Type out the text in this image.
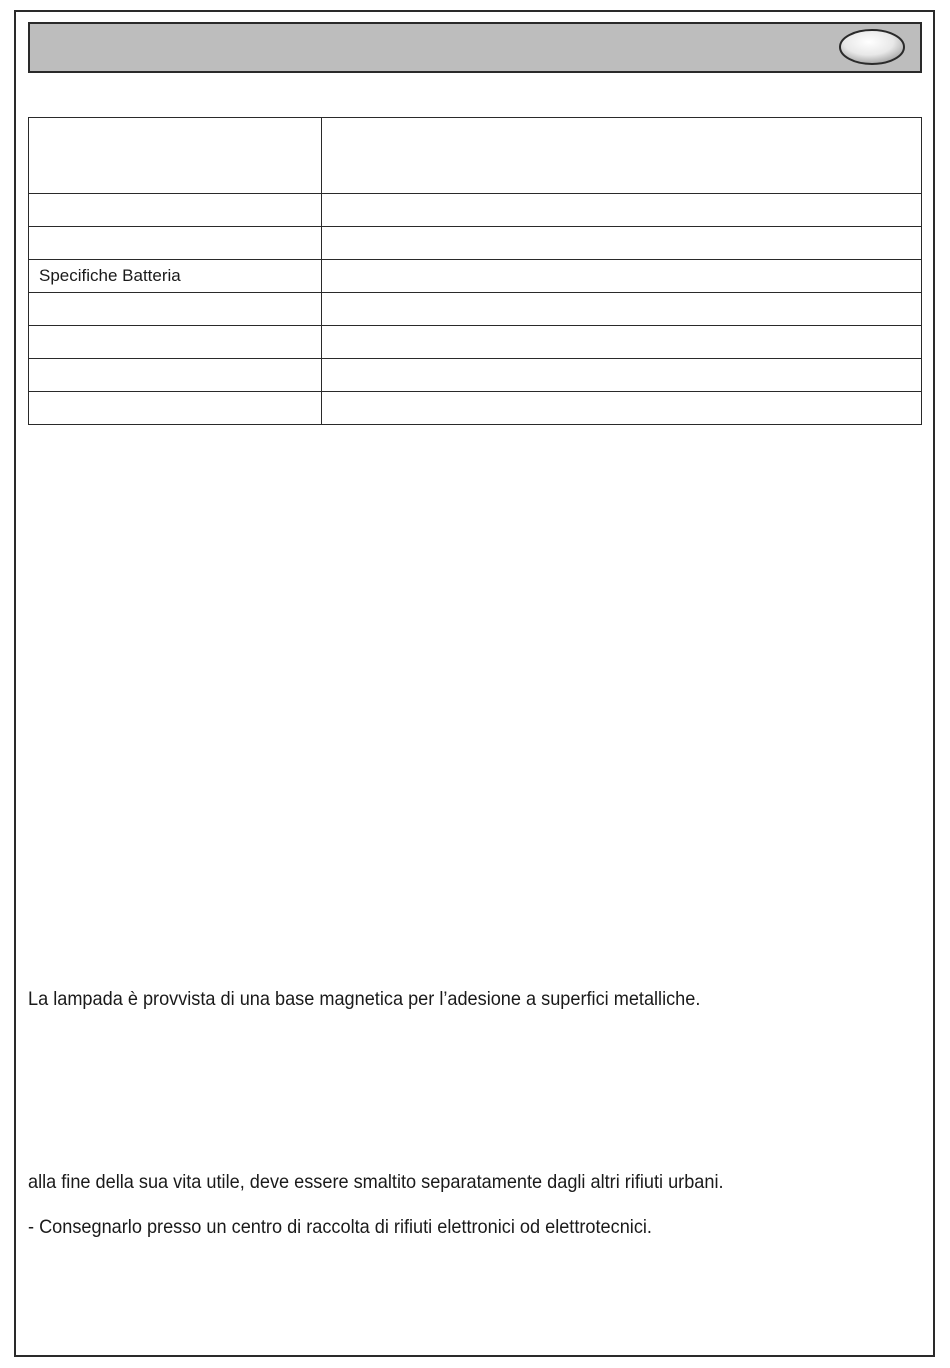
Specifiche Batteria	

La lampada è provvista di una base magnetica per l’adesione a superfici metalliche.
alla fine della sua vita utile, deve essere smaltito separatamente dagli altri rifiuti urbani.
- Consegnarlo presso un centro di raccolta di rifiuti elettronici od elettrotecnici.
